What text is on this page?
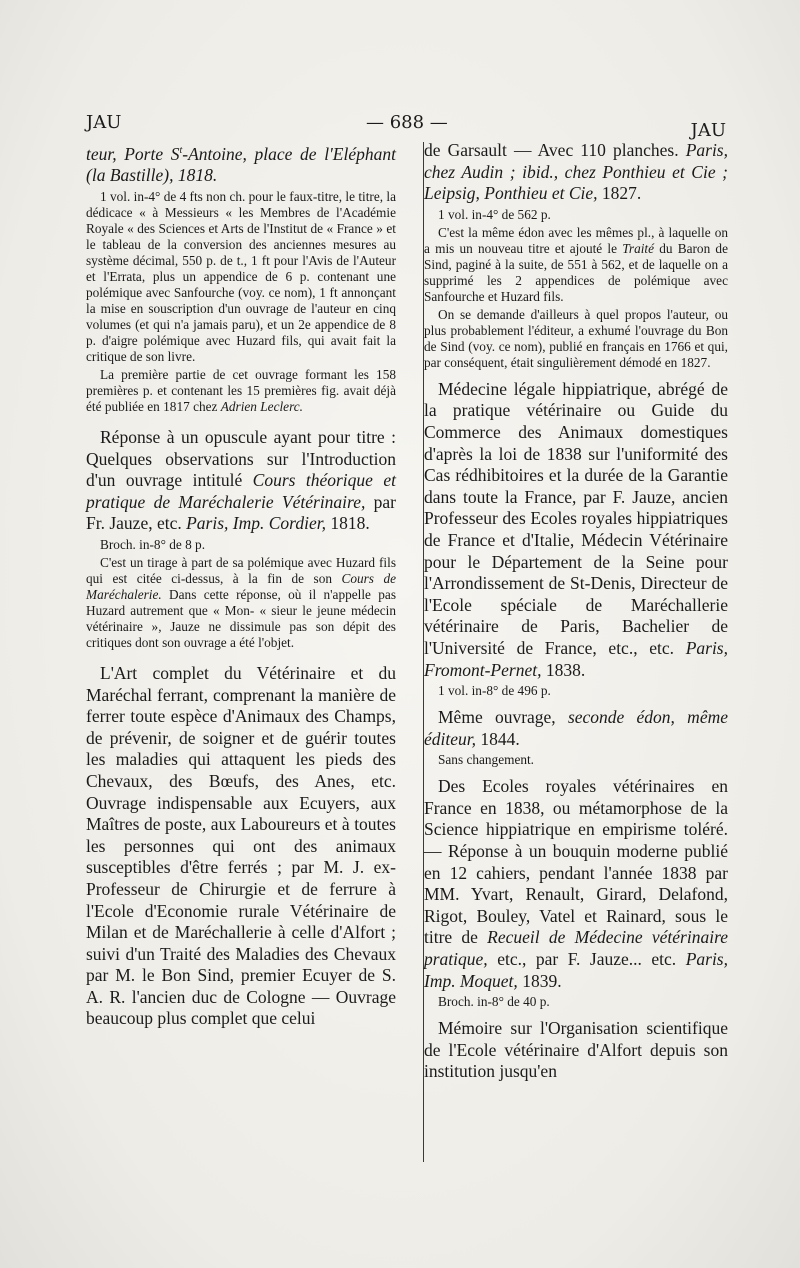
JAU	— 688 —	JAU

teur, Porte $S^t$-Antoine, place de l'Eléphant (la Bastille), 1818.

1 vol. in-4° de 4 fts non ch. pour le faux-titre, le titre, la dédicace « à Messieurs « les Membres de l'Académie Royale « des Sciences et Arts de l'Institut de « France » et le tableau de la conversion des anciennes mesures au système décimal, 550 p. de t., 1 ft pour l'Avis de l'Auteur et l'Errata, plus un appendice de 6 p. contenant une polémique avec Sanfourche (voy. ce nom), 1 ft annonçant la mise en souscription d'un ouvrage de l'auteur en cinq volumes (et qui n'a jamais paru), et un 2e appendice de 8 p. d'aigre polémique avec Huzard fils, qui avait fait la critique de son livre.

La première partie de cet ouvrage formant les 158 premières p. et contenant les 15 premières fig. avait déjà été publiée en 1817 chez Adrien Leclerc.

Réponse à un opuscule ayant pour titre : Quelques observations sur l'Introduction d'un ouvrage intitulé Cours théorique et pratique de Maréchalerie Vétérinaire, par Fr. Jauze, etc. Paris, Imp. Cordier, 1818.

Broch. in-8° de 8 p.

C'est un tirage à part de sa polémique avec Huzard fils qui est citée ci-dessus, à la fin de son Cours de Maréchalerie. Dans cette réponse, où il n'appelle pas Huzard autrement que « Mon- « sieur le jeune médecin vétérinaire », Jauze ne dissimule pas son dépit des critiques dont son ouvrage a été l'objet.

L'Art complet du Vétérinaire et du Maréchal ferrant, comprenant la manière de ferrer toute espèce d'Animaux des Champs, de prévenir, de soigner et de guérir toutes les maladies qui attaquent les pieds des Chevaux, des Bœufs, des Anes, etc. Ouvrage indispensable aux Ecuyers, aux Maîtres de poste, aux Laboureurs et à toutes les personnes qui ont des animaux susceptibles d'être ferrés ; par M. J. ex-Professeur de Chirurgie et de ferrure à l'Ecole d'Economie rurale Vétérinaire de Milan et de Maréchallerie à celle d'Alfort ; suivi d'un Traité des Maladies des Chevaux par M. le Bon Sind, premier Ecuyer de S. A. R. l'ancien duc de Cologne — Ouvrage beaucoup plus complet que celui

de Garsault — Avec 110 planches. Paris, chez Audin ; ibid., chez Ponthieu et Cie ; Leipsig, Ponthieu et Cie, 1827.

1 vol. in-4° de 562 p.

C'est la même édon avec les mêmes pl., à laquelle on a mis un nouveau titre et ajouté le Traité du Baron de Sind, paginé à la suite, de 551 à 562, et de laquelle on a supprimé les 2 appendices de polémique avec Sanfourche et Huzard fils.

On se demande d'ailleurs à quel propos l'auteur, ou plus probablement l'éditeur, a exhumé l'ouvrage du Bon de Sind (voy. ce nom), publié en français en 1766 et qui, par conséquent, était singulièrement démodé en 1827.

Médecine légale hippiatrique, abrégé de la pratique vétérinaire ou Guide du Commerce des Animaux domestiques d'après la loi de 1838 sur l'uniformité des Cas rédhibitoires et la durée de la Garantie dans toute la France, par F. Jauze, ancien Professeur des Ecoles royales hippiatriques de France et d'Italie, Médecin Vétérinaire pour le Département de la Seine pour l'Arrondissement de St-Denis, Directeur de l'Ecole spéciale de Maréchallerie vétérinaire de Paris, Bachelier de l'Université de France, etc., etc. Paris, Fromont-Pernet, 1838.

1 vol. in-8° de 496 p.

Même ouvrage, seconde édon, même éditeur, 1844.

Sans changement.

Des Ecoles royales vétérinaires en France en 1838, ou métamorphose de la Science hippiatrique en empirisme toléré. — Réponse à un bouquin moderne publié en 12 cahiers, pendant l'année 1838 par MM. Yvart, Renault, Girard, Delafond, Rigot, Bouley, Vatel et Rainard, sous le titre de Recueil de Médecine vétérinaire pratique, etc., par F. Jauze... etc. Paris, Imp. Moquet, 1839.

Broch. in-8° de 40 p.

Mémoire sur l'Organisation scientifique de l'Ecole vétérinaire d'Alfort depuis son institution jusqu'en
